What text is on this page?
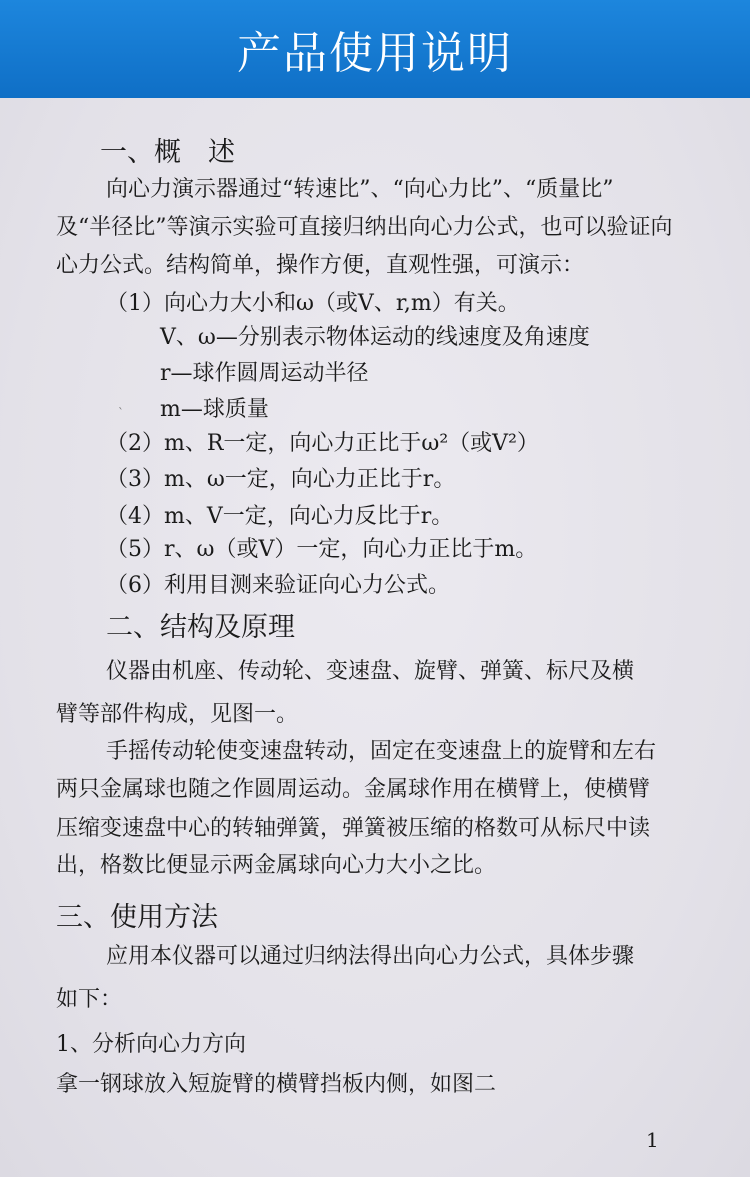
产品使用说明
一、概　述
向心力演示器通过“转速比”、“向心力比”、“质量比”
及“半径比”等演示实验可直接归纳出向心力公式，也可以验证向
心力公式。结构简单，操作方便，直观性强，可演示：
（1）向心力大小和ω（或V、r,m）有关。
V、ω—分别表示物体运动的线速度及角速度
r—球作圆周运动半径
` m—球质量
（2）m、R一定，向心力正比于ω²（或V²）
（3）m、ω一定，向心力正比于r。
（4）m、V一定，向心力反比于r。
（5）r、ω（或V）一定，向心力正比于m。
（6）利用目测来验证向心力公式。
二、结构及原理
仪器由机座、传动轮、变速盘、旋臂、弹簧、标尺及横
臂等部件构成，见图一。
手摇传动轮使变速盘转动，固定在变速盘上的旋臂和左右
两只金属球也随之作圆周运动。金属球作用在横臂上，使横臂
压缩变速盘中心的转轴弹簧，弹簧被压缩的格数可从标尺中读
出，格数比便显示两金属球向心力大小之比。
三、使用方法
应用本仪器可以通过归纳法得出向心力公式，具体步骤
如下：
1、分析向心力方向
拿一钢球放入短旋臂的横臂挡板内侧，如图二
1
